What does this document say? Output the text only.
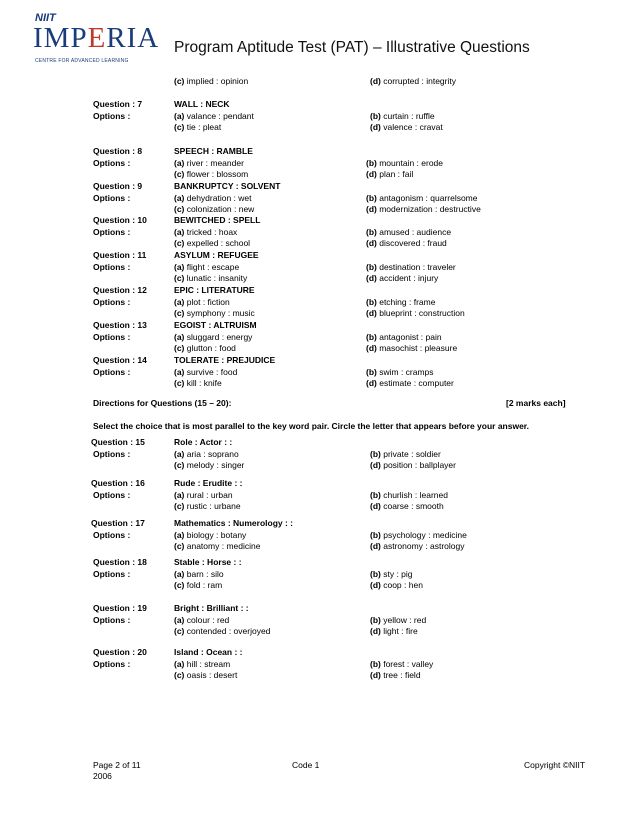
NIIT
IMPERIA
CENTRE FOR ADVANCED LEARNING
Program Aptitude Test (PAT) – Illustrative Questions
(c) implied : opinion	(d) corrupted : integrity
Question : 7	WALL : NECK
Options :	(a) valance : pendant	(b) curtain : ruffle
(c) tie : pleat	(d) valence : cravat
Question : 8	SPEECH : RAMBLE
Options :	(a) river : meander	(b) mountain : erode
(c) flower : blossom	(d) plan : fail
Question : 9	BANKRUPTCY : SOLVENT
Options :	(a) dehydration : wet	(b) antagonism : quarrelsome
(c) colonization : new	(d) modernization : destructive
Question : 10	BEWITCHED : SPELL
Options :	(a) tricked : hoax	(b) amused : audience
(c) expelled : school	(d) discovered : fraud
Question : 11	ASYLUM : REFUGEE
Options :	(a) flight : escape	(b) destination : traveler
(c) lunatic : insanity	(d) accident : injury
Question : 12	EPIC : LITERATURE
Options :	(a) plot : fiction	(b) etching : frame
(c) symphony : music	(d) blueprint : construction
Question : 13	EGOIST : ALTRUISM
Options :	(a) sluggard : energy	(b) antagonist : pain
(c) glutton : food	(d) masochist : pleasure
Question : 14	TOLERATE : PREJUDICE
Options :	(a) survive : food	(b) swim : cramps
(c) kill : knife	(d) estimate : computer
Question : 15	Role : Actor : :
Options :	(a) aria : soprano	(b) private : soldier
(c) melody : singer	(d) position : ballplayer
Question : 16	Rude : Erudite : :
Options :	(a) rural : urban	(b) churlish : learned
(c) rustic : urbane	(d) coarse : smooth
Question : 17	Mathematics : Numerology : :
Options :	(a) biology : botany	(b) psychology : medicine
(c) anatomy : medicine	(d) astronomy : astrology
Question : 18	Stable : Horse : :
Options :	(a) barn : silo	(b) sty : pig
(c) fold : ram	(d) coop : hen
Question : 19	Bright : Brilliant : :
Options :	(a) colour : red	(b) yellow : red
(c) contended : overjoyed	(d) light : fire
Question : 20	Island : Ocean : :
Options :	(a) hill : stream	(b) forest : valley
(c) oasis : desert	(d) tree : field
Directions for Questions (15 – 20):	[2 marks each]
Select the choice that is most parallel to the key word pair. Circle the letter that appears before your answer.
Page 2 of 11
2006
Code 1	Copyright ©NIIT
